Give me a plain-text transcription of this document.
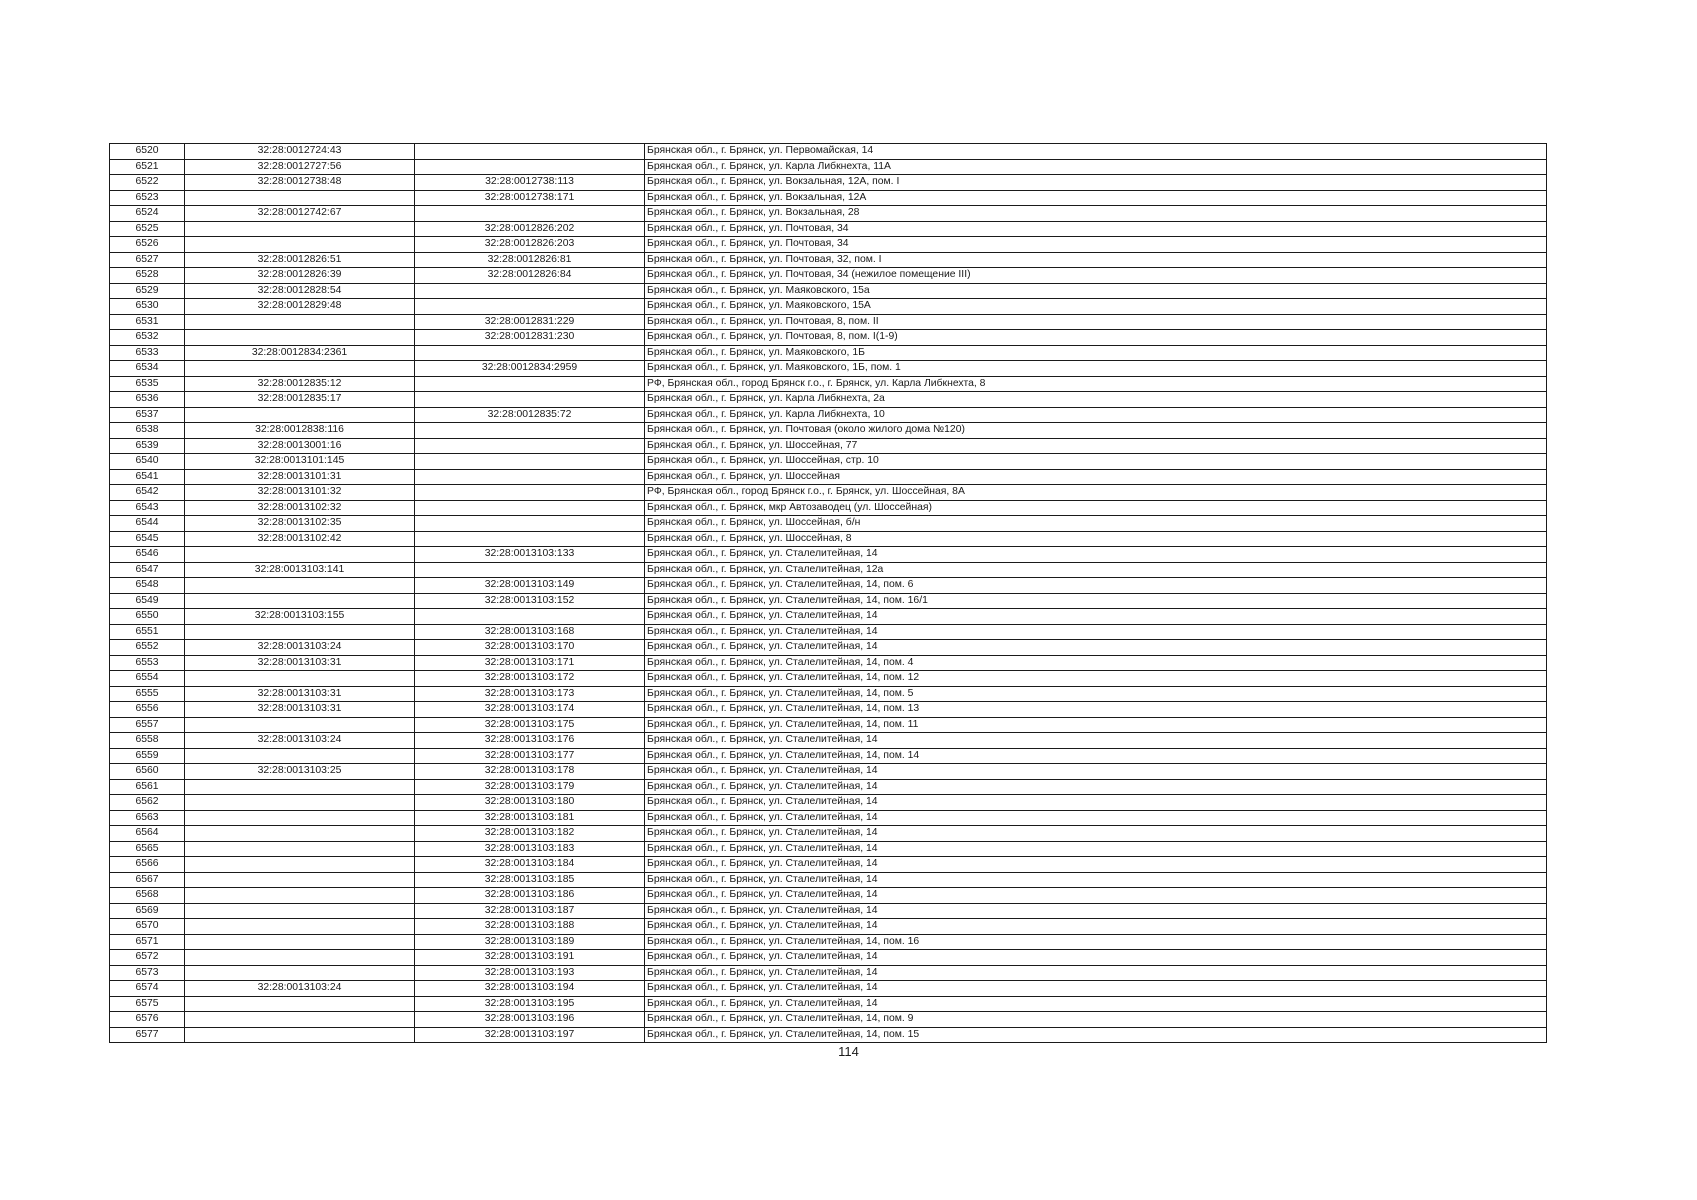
6520	32:28:0012724:43		Брянская обл., г. Брянск, ул. Первомайская, 14
6521	32:28:0012727:56		Брянская обл., г. Брянск, ул. Карла Либкнехта, 11А
6522	32:28:0012738:48	32:28:0012738:113	Брянская обл., г. Брянск, ул. Вокзальная, 12А, пом. I
6523		32:28:0012738:171	Брянская обл., г. Брянск, ул. Вокзальная, 12А
6524	32:28:0012742:67		Брянская обл., г. Брянск, ул. Вокзальная, 28
6525		32:28:0012826:202	Брянская обл., г. Брянск, ул. Почтовая, 34
6526		32:28:0012826:203	Брянская обл., г. Брянск, ул. Почтовая, 34
6527	32:28:0012826:51	32:28:0012826:81	Брянская обл., г. Брянск, ул. Почтовая, 32, пом. I
6528	32:28:0012826:39	32:28:0012826:84	Брянская обл., г. Брянск, ул. Почтовая, 34 (нежилое помещение III)
6529	32:28:0012828:54		Брянская обл., г. Брянск, ул. Маяковского, 15а
6530	32:28:0012829:48		Брянская обл., г. Брянск, ул. Маяковского, 15А
6531		32:28:0012831:229	Брянская обл., г. Брянск, ул. Почтовая, 8, пом. II
6532		32:28:0012831:230	Брянская обл., г. Брянск, ул. Почтовая, 8, пом. I(1-9)
6533	32:28:0012834:2361		Брянская обл., г. Брянск, ул. Маяковского, 1Б
6534		32:28:0012834:2959	Брянская обл., г. Брянск, ул. Маяковского, 1Б, пом. 1
6535	32:28:0012835:12		РФ, Брянская обл., город Брянск г.о., г. Брянск, ул. Карла Либкнехта, 8
6536	32:28:0012835:17		Брянская обл., г. Брянск, ул. Карла Либкнехта, 2а
6537		32:28:0012835:72	Брянская обл., г. Брянск, ул. Карла Либкнехта, 10
6538	32:28:0012838:116		Брянская обл., г. Брянск, ул. Почтовая (около жилого дома №120)
6539	32:28:0013001:16		Брянская обл., г. Брянск, ул. Шоссейная, 77
6540	32:28:0013101:145		Брянская обл., г. Брянск, ул. Шоссейная, стр. 10
6541	32:28:0013101:31		Брянская обл., г. Брянск, ул. Шоссейная
6542	32:28:0013101:32		РФ, Брянская обл., город Брянск г.о., г. Брянск, ул. Шоссейная, 8А
6543	32:28:0013102:32		Брянская обл., г. Брянск, мкр Автозаводец (ул. Шоссейная)
6544	32:28:0013102:35		Брянская обл., г. Брянск, ул. Шоссейная, б/н
6545	32:28:0013102:42		Брянская обл., г. Брянск, ул. Шоссейная, 8
6546		32:28:0013103:133	Брянская обл., г. Брянск, ул. Сталелитейная, 14
6547	32:28:0013103:141		Брянская обл., г. Брянск, ул. Сталелитейная, 12а
6548		32:28:0013103:149	Брянская обл., г. Брянск, ул. Сталелитейная, 14, пом. 6
6549		32:28:0013103:152	Брянская обл., г. Брянск, ул. Сталелитейная, 14, пом. 16/1
6550	32:28:0013103:155		Брянская обл., г. Брянск, ул. Сталелитейная, 14
6551		32:28:0013103:168	Брянская обл., г. Брянск, ул. Сталелитейная, 14
6552	32:28:0013103:24	32:28:0013103:170	Брянская обл., г. Брянск, ул. Сталелитейная, 14
6553	32:28:0013103:31	32:28:0013103:171	Брянская обл., г. Брянск, ул. Сталелитейная, 14, пом. 4
6554		32:28:0013103:172	Брянская обл., г. Брянск, ул. Сталелитейная, 14, пом. 12
6555	32:28:0013103:31	32:28:0013103:173	Брянская обл., г. Брянск, ул. Сталелитейная, 14, пом. 5
6556	32:28:0013103:31	32:28:0013103:174	Брянская обл., г. Брянск, ул. Сталелитейная, 14, пом. 13
6557		32:28:0013103:175	Брянская обл., г. Брянск, ул. Сталелитейная, 14, пом. 11
6558	32:28:0013103:24	32:28:0013103:176	Брянская обл., г. Брянск, ул. Сталелитейная, 14
6559		32:28:0013103:177	Брянская обл., г. Брянск, ул. Сталелитейная, 14, пом. 14
6560	32:28:0013103:25	32:28:0013103:178	Брянская обл., г. Брянск, ул. Сталелитейная, 14
6561		32:28:0013103:179	Брянская обл., г. Брянск, ул. Сталелитейная, 14
6562		32:28:0013103:180	Брянская обл., г. Брянск, ул. Сталелитейная, 14
6563		32:28:0013103:181	Брянская обл., г. Брянск, ул. Сталелитейная, 14
6564		32:28:0013103:182	Брянская обл., г. Брянск, ул. Сталелитейная, 14
6565		32:28:0013103:183	Брянская обл., г. Брянск, ул. Сталелитейная, 14
6566		32:28:0013103:184	Брянская обл., г. Брянск, ул. Сталелитейная, 14
6567		32:28:0013103:185	Брянская обл., г. Брянск, ул. Сталелитейная, 14
6568		32:28:0013103:186	Брянская обл., г. Брянск, ул. Сталелитейная, 14
6569		32:28:0013103:187	Брянская обл., г. Брянск, ул. Сталелитейная, 14
6570		32:28:0013103:188	Брянская обл., г. Брянск, ул. Сталелитейная, 14
6571		32:28:0013103:189	Брянская обл., г. Брянск, ул. Сталелитейная, 14, пом. 16
6572		32:28:0013103:191	Брянская обл., г. Брянск, ул. Сталелитейная, 14
6573		32:28:0013103:193	Брянская обл., г. Брянск, ул. Сталелитейная, 14
6574	32:28:0013103:24	32:28:0013103:194	Брянская обл., г. Брянск, ул. Сталелитейная, 14
6575		32:28:0013103:195	Брянская обл., г. Брянск, ул. Сталелитейная, 14
6576		32:28:0013103:196	Брянская обл., г. Брянск, ул. Сталелитейная, 14, пом. 9
6577		32:28:0013103:197	Брянская обл., г. Брянск, ул. Сталелитейная, 14, пом. 15
114
